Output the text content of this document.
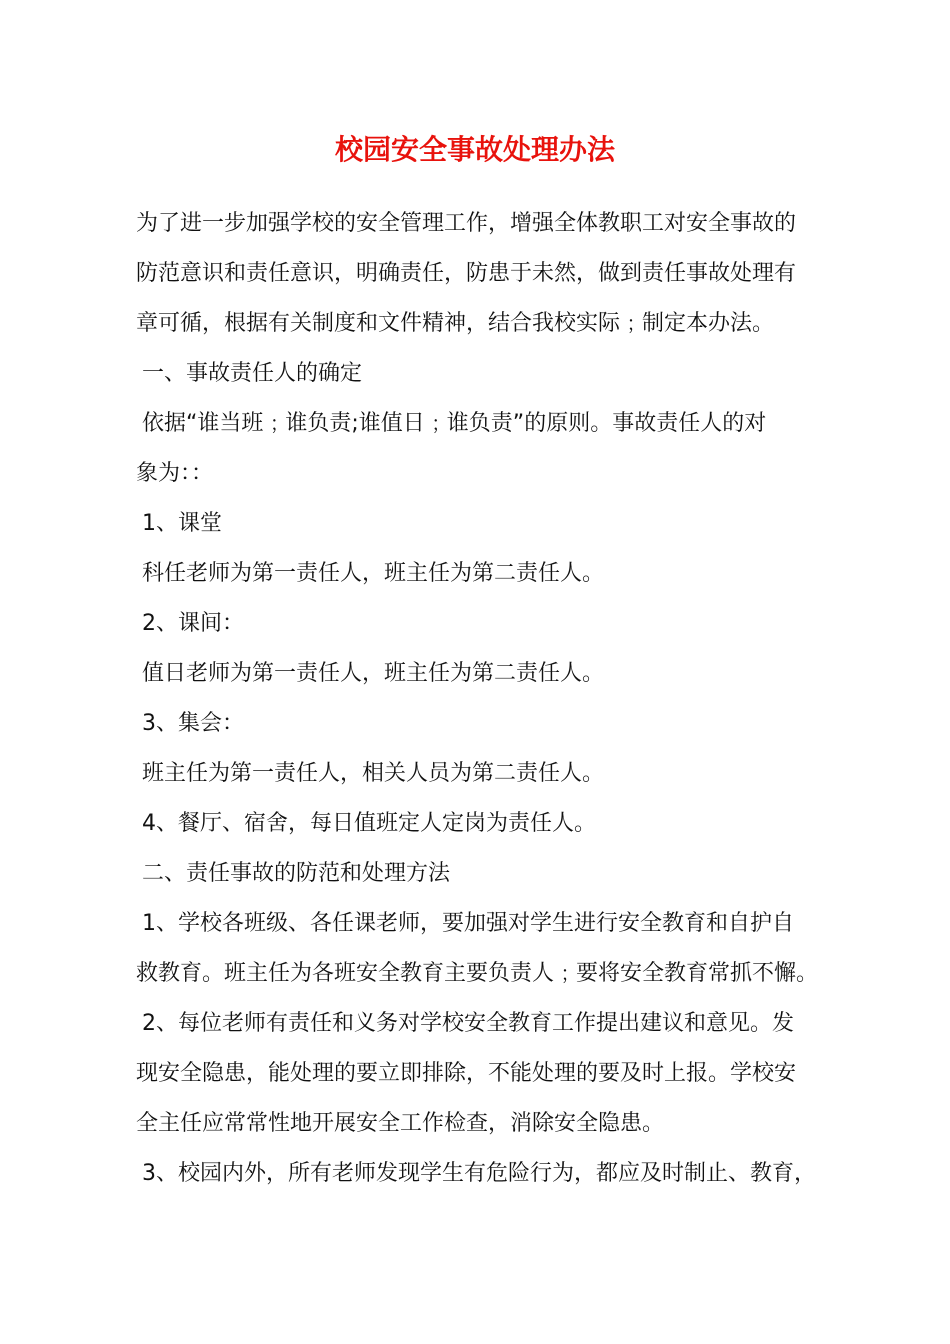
校园安全事故处理办法

为了进一步加强学校的安全管理工作，增强全体教职工对安全事故的

防范意识和责任意识，明确责任，防患于未然，做到责任事故处理有

章可循，根据有关制度和文件精神，结合我校实际﹔制定本办法。

一、事故责任人的确定

依据“谁当班﹔谁负责;谁值日﹔谁负责”的原则。事故责任人的对

象为：：

1、课堂

科任老师为第一责任人，班主任为第二责任人。

2、课间：

值日老师为第一责任人，班主任为第二责任人。

3、集会：

班主任为第一责任人，相关人员为第二责任人。

4、餐厅、宿舍，每日值班定人定岗为责任人。

二、责任事故的防范和处理方法

1、学校各班级、各任课老师，要加强对学生进行安全教育和自护自

救教育。班主任为各班安全教育主要负责人﹔要将安全教育常抓不懈。

2、每位老师有责任和义务对学校安全教育工作提出建议和意见。发

现安全隐患，能处理的要立即排除，不能处理的要及时上报。学校安

全主任应常常性地开展安全工作检查，消除安全隐患。

3、校园内外，所有老师发现学生有危险行为，都应及时制止、教育，
